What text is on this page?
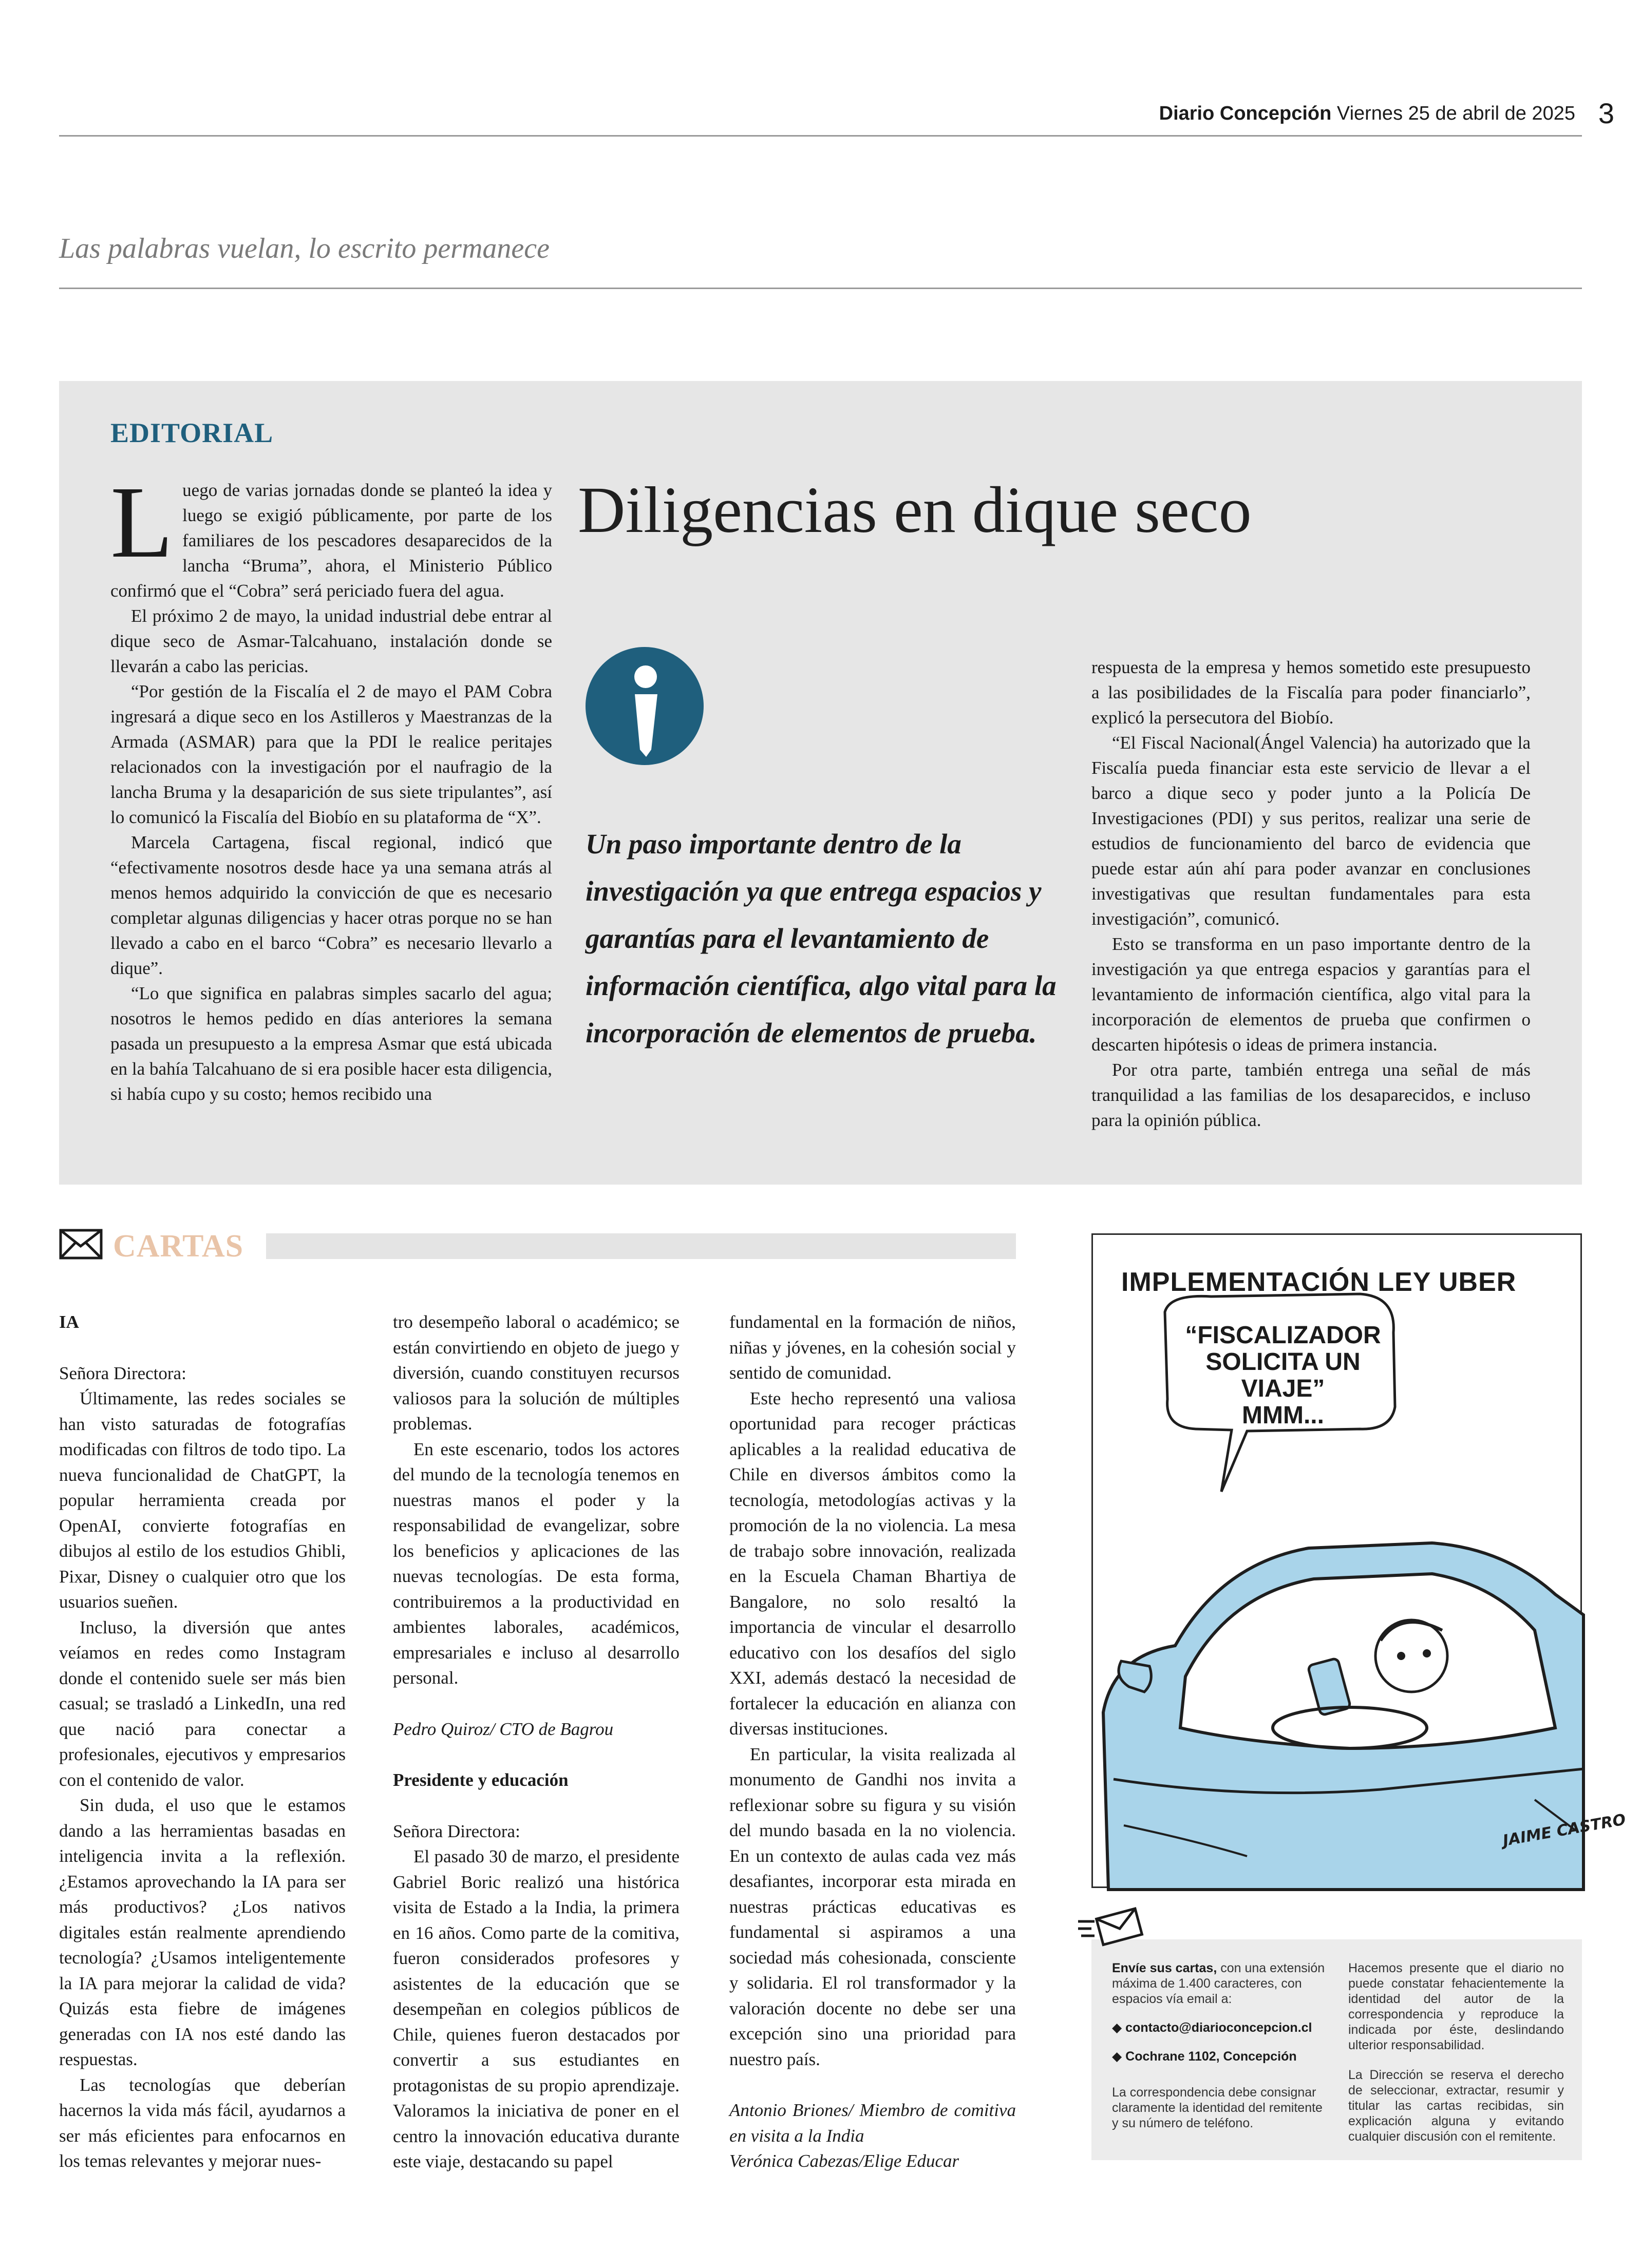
Diario Concepción Viernes 25 de abril de 2025 3
Las palabras vuelan, lo escrito permanece
EDITORIAL
Diligencias en dique seco
L uego de varias jornadas donde se planteó la idea y luego se exigió públicamente, por parte de los familiares de los pescadores desaparecidos de la lancha “Bruma”, ahora, el Ministerio Público confirmó que el “Cobra” será periciado fuera del agua.

El próximo 2 de mayo, la unidad industrial debe entrar al dique seco de Asmar-Talcahuano, instalación donde se llevarán a cabo las pericias.

“Por gestión de la Fiscalía el 2 de mayo el PAM Cobra ingresará a dique seco en los Astilleros y Maestranzas de la Armada (ASMAR) para que la PDI le realice peritajes relacionados con la investigación por el naufragio de la lancha Bruma y la desaparición de sus siete tripulantes”, así lo comunicó la Fiscalía del Biobío en su plataforma de “X”.

Marcela Cartagena, fiscal regional, indicó que “efectivamente nosotros desde hace ya una semana atrás al menos hemos adquirido la convicción de que es necesario completar algunas diligencias y hacer otras porque no se han llevado a cabo en el barco “Cobra” es necesario llevarlo a dique”.

“Lo que significa en palabras simples sacarlo del agua; nosotros le hemos pedido en días anteriores la semana pasada un presupuesto a la empresa Asmar que está ubicada en la bahía Talcahuano de si era posible hacer esta diligencia, si había cupo y su costo; hemos recibido una

Un paso importante dentro de la investigación ya que entrega espacios y garantías para el levantamiento de información científica, algo vital para la incorporación de elementos de prueba.

respuesta de la empresa y hemos sometido este presupuesto a las posibilidades de la Fiscalía para poder financiarlo”, explicó la persecutora del Biobío.

“El Fiscal Nacional(Ángel Valencia) ha autorizado que la Fiscalía pueda financiar esta este servicio de llevar a el barco a dique seco y poder junto a la Policía De Investigaciones (PDI) y sus peritos, realizar una serie de estudios de funcionamiento del barco de evidencia que puede estar aún ahí para poder avanzar en conclusiones investigativas que resultan fundamentales para esta investigación”, comunicó.

Esto se transforma en un paso importante dentro de la investigación ya que entrega espacios y garantías para el levantamiento de información científica, algo vital para la incorporación de elementos de prueba que confirmen o descarten hipótesis o ideas de primera instancia.

Por otra parte, también entrega una señal de más tranquilidad a las familias de los desaparecidos, e incluso para la opinión pública.

CARTAS

IA

Señora Directora:

Últimamente, las redes sociales se han visto saturadas de fotografías modificadas con filtros de todo tipo. La nueva funcionalidad de ChatGPT, la popular herramienta creada por OpenAI, convierte fotografías en dibujos al estilo de los estudios Ghibli, Pixar, Disney o cualquier otro que los usuarios sueñen.

Incluso, la diversión que antes veíamos en redes como Instagram donde el contenido suele ser más bien casual; se trasladó a LinkedIn, una red que nació para conectar a profesionales, ejecutivos y empresarios con el contenido de valor.

Sin duda, el uso que le estamos dando a las herramientas basadas en inteligencia invita a la reflexión. ¿Estamos aprovechando la IA para ser más productivos? ¿Los nativos digitales están realmente aprendiendo tecnología? ¿Usamos inteligentemente la IA para mejorar la calidad de vida? Quizás esta fiebre de imágenes generadas con IA nos esté dando las respuestas.

Las tecnologías que deberían hacernos la vida más fácil, ayudarnos a ser más eficientes para enfocarnos en los temas relevantes y mejorar nues-

tro desempeño laboral o académico; se están convirtiendo en objeto de juego y diversión, cuando constituyen recursos valiosos para la solución de múltiples problemas.

En este escenario, todos los actores del mundo de la tecnología tenemos en nuestras manos el poder y la responsabilidad de evangelizar, sobre los beneficios y aplicaciones de las nuevas tecnologías. De esta forma, contribuiremos a la productividad en ambientes laborales, académicos, empresariales e incluso al desarrollo personal.

Pedro Quiroz/ CTO de Bagrou

Presidente y educación

Señora Directora:

El pasado 30 de marzo, el presidente Gabriel Boric realizó una histórica visita de Estado a la India, la primera en 16 años. Como parte de la comitiva, fueron considerados profesores y asistentes de la educación que se desempeñan en colegios públicos de Chile, quienes fueron destacados por convertir a sus estudiantes en protagonistas de su propio aprendizaje. Valoramos la iniciativa de poner en el centro la innovación educativa durante este viaje, destacando su papel

fundamental en la formación de niños, niñas y jóvenes, en la cohesión social y sentido de comunidad.

Este hecho representó una valiosa oportunidad para recoger prácticas aplicables a la realidad educativa de Chile en diversos ámbitos como la tecnología, metodologías activas y la promoción de la no violencia. La mesa de trabajo sobre innovación, realizada en la Escuela Chaman Bhartiya de Bangalore, no solo resaltó la importancia de vincular el desarrollo educativo con los desafíos del siglo XXI, además destacó la necesidad de fortalecer la educación en alianza con diversas instituciones.

En particular, la visita realizada al monumento de Gandhi nos invita a reflexionar sobre su figura y su visión del mundo basada en la no violencia. En un contexto de aulas cada vez más desafiantes, incorporar esta mirada en nuestras prácticas educativas es fundamental si aspiramos a una sociedad más cohesionada, consciente y solidaria. El rol transformador y la valoración docente no debe ser una excepción sino una prioridad para nuestro país.

Antonio Briones/ Miembro de comitiva en visita a la India

Verónica Cabezas/Elige Educar

JAIME CASTRO
IMPLEMENTACIÓN LEY UBER
“FISCALIZADOR
SOLICITA UN
VIAJE”
MMM...
Envíe sus cartas, con una extensión máxima de 1.400 caracteres, con espacios vía email a:
◆ contacto@diarioconcepcion.cl
◆ Cochrane 1102, Concepción
La correspondencia debe consignar claramente la identidad del remitente y su número de teléfono.
Hacemos presente que el diario no puede constatar fehacientemente la identidad del autor de la correspondencia y reproduce la indicada por éste, deslindando ulterior responsabilidad.
La Dirección se reserva el derecho de seleccionar, extractar, resumir y titular las cartas recibidas, sin explicación alguna y evitando cualquier discusión con el remitente.
